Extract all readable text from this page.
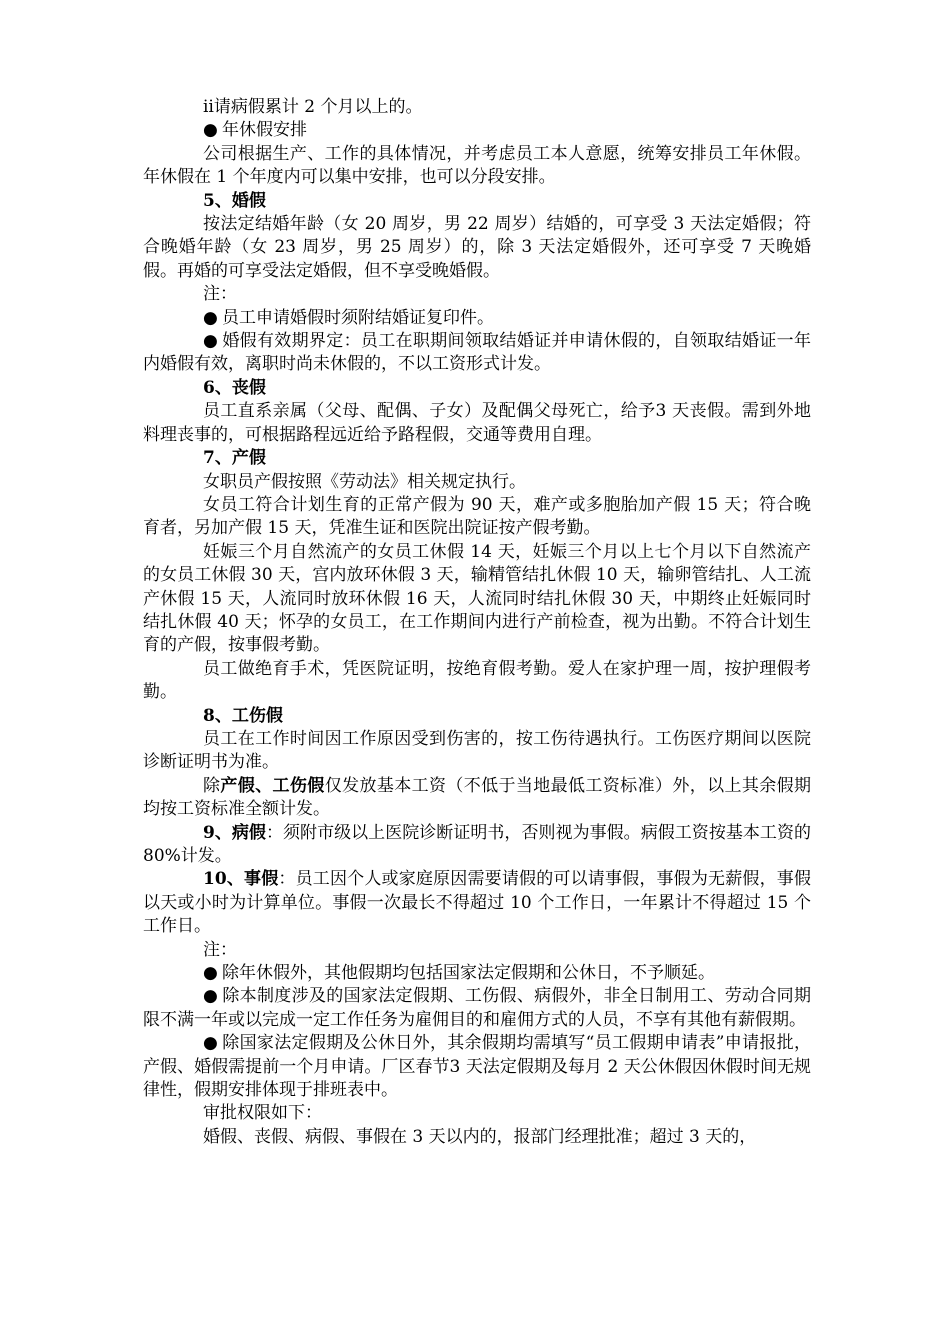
ⅱ请病假累计 2 个月以上的。

● 年休假安排

公司根据生产、工作的具体情况，并考虑员工本人意愿，统筹安排员工年休假。年休假在 1 个年度内可以集中安排，也可以分段安排。

5、婚假

按法定结婚年龄（女 20 周岁，男 22 周岁）结婚的，可享受 3 天法定婚假；符合晚婚年龄（女 23 周岁，男 25 周岁）的，除 3 天法定婚假外，还可享受 7 天晚婚假。再婚的可享受法定婚假，但不享受晚婚假。

注：

● 员工申请婚假时须附结婚证复印件。

● 婚假有效期界定：员工在职期间领取结婚证并申请休假的，自领取结婚证一年内婚假有效，离职时尚未休假的，不以工资形式计发。

6、丧假

员工直系亲属（父母、配偶、子女）及配偶父母死亡，给予3 天丧假。需到外地料理丧事的，可根据路程远近给予路程假，交通等费用自理。

7、产假

女职员产假按照《劳动法》相关规定执行。

女员工符合计划生育的正常产假为 90 天，难产或多胞胎加产假 15 天；符合晚育者，另加产假 15 天，凭准生证和医院出院证按产假考勤。

妊娠三个月自然流产的女员工休假 14 天，妊娠三个月以上七个月以下自然流产的女员工休假 30 天，宫内放环休假 3 天，输精管结扎休假 10 天，输卵管结扎、人工流产休假 15 天，人流同时放环休假 16 天，人流同时结扎休假 30 天，中期终止妊娠同时结扎休假 40 天；怀孕的女员工，在工作期间内进行产前检查，视为出勤。不符合计划生育的产假，按事假考勤。

员工做绝育手术，凭医院证明，按绝育假考勤。爱人在家护理一周，按护理假考勤。

8、工伤假

员工在工作时间因工作原因受到伤害的，按工伤待遇执行。工伤医疗期间以医院诊断证明书为准。

除产假、工伤假仅发放基本工资（不低于当地最低工资标准）外，以上其余假期均按工资标准全额计发。

9、病假：须附市级以上医院诊断证明书，否则视为事假。病假工资按基本工资的 80%计发。

10、事假：员工因个人或家庭原因需要请假的可以请事假，事假为无薪假，事假以天或小时为计算单位。事假一次最长不得超过 10 个工作日，一年累计不得超过 15 个工作日。

注：

● 除年休假外，其他假期均包括国家法定假期和公休日，不予顺延。

● 除本制度涉及的国家法定假期、工伤假、病假外，非全日制用工、劳动合同期限不满一年或以完成一定工作任务为雇佣目的和雇佣方式的人员，不享有其他有薪假期。

● 除国家法定假期及公休日外，其余假期均需填写“员工假期申请表”申请报批，产假、婚假需提前一个月申请。厂区春节3 天法定假期及每月 2 天公休假因休假时间无规律性，假期安排体现于排班表中。

审批权限如下：

婚假、丧假、病假、事假在 3 天以内的，报部门经理批准；超过 3 天的，
